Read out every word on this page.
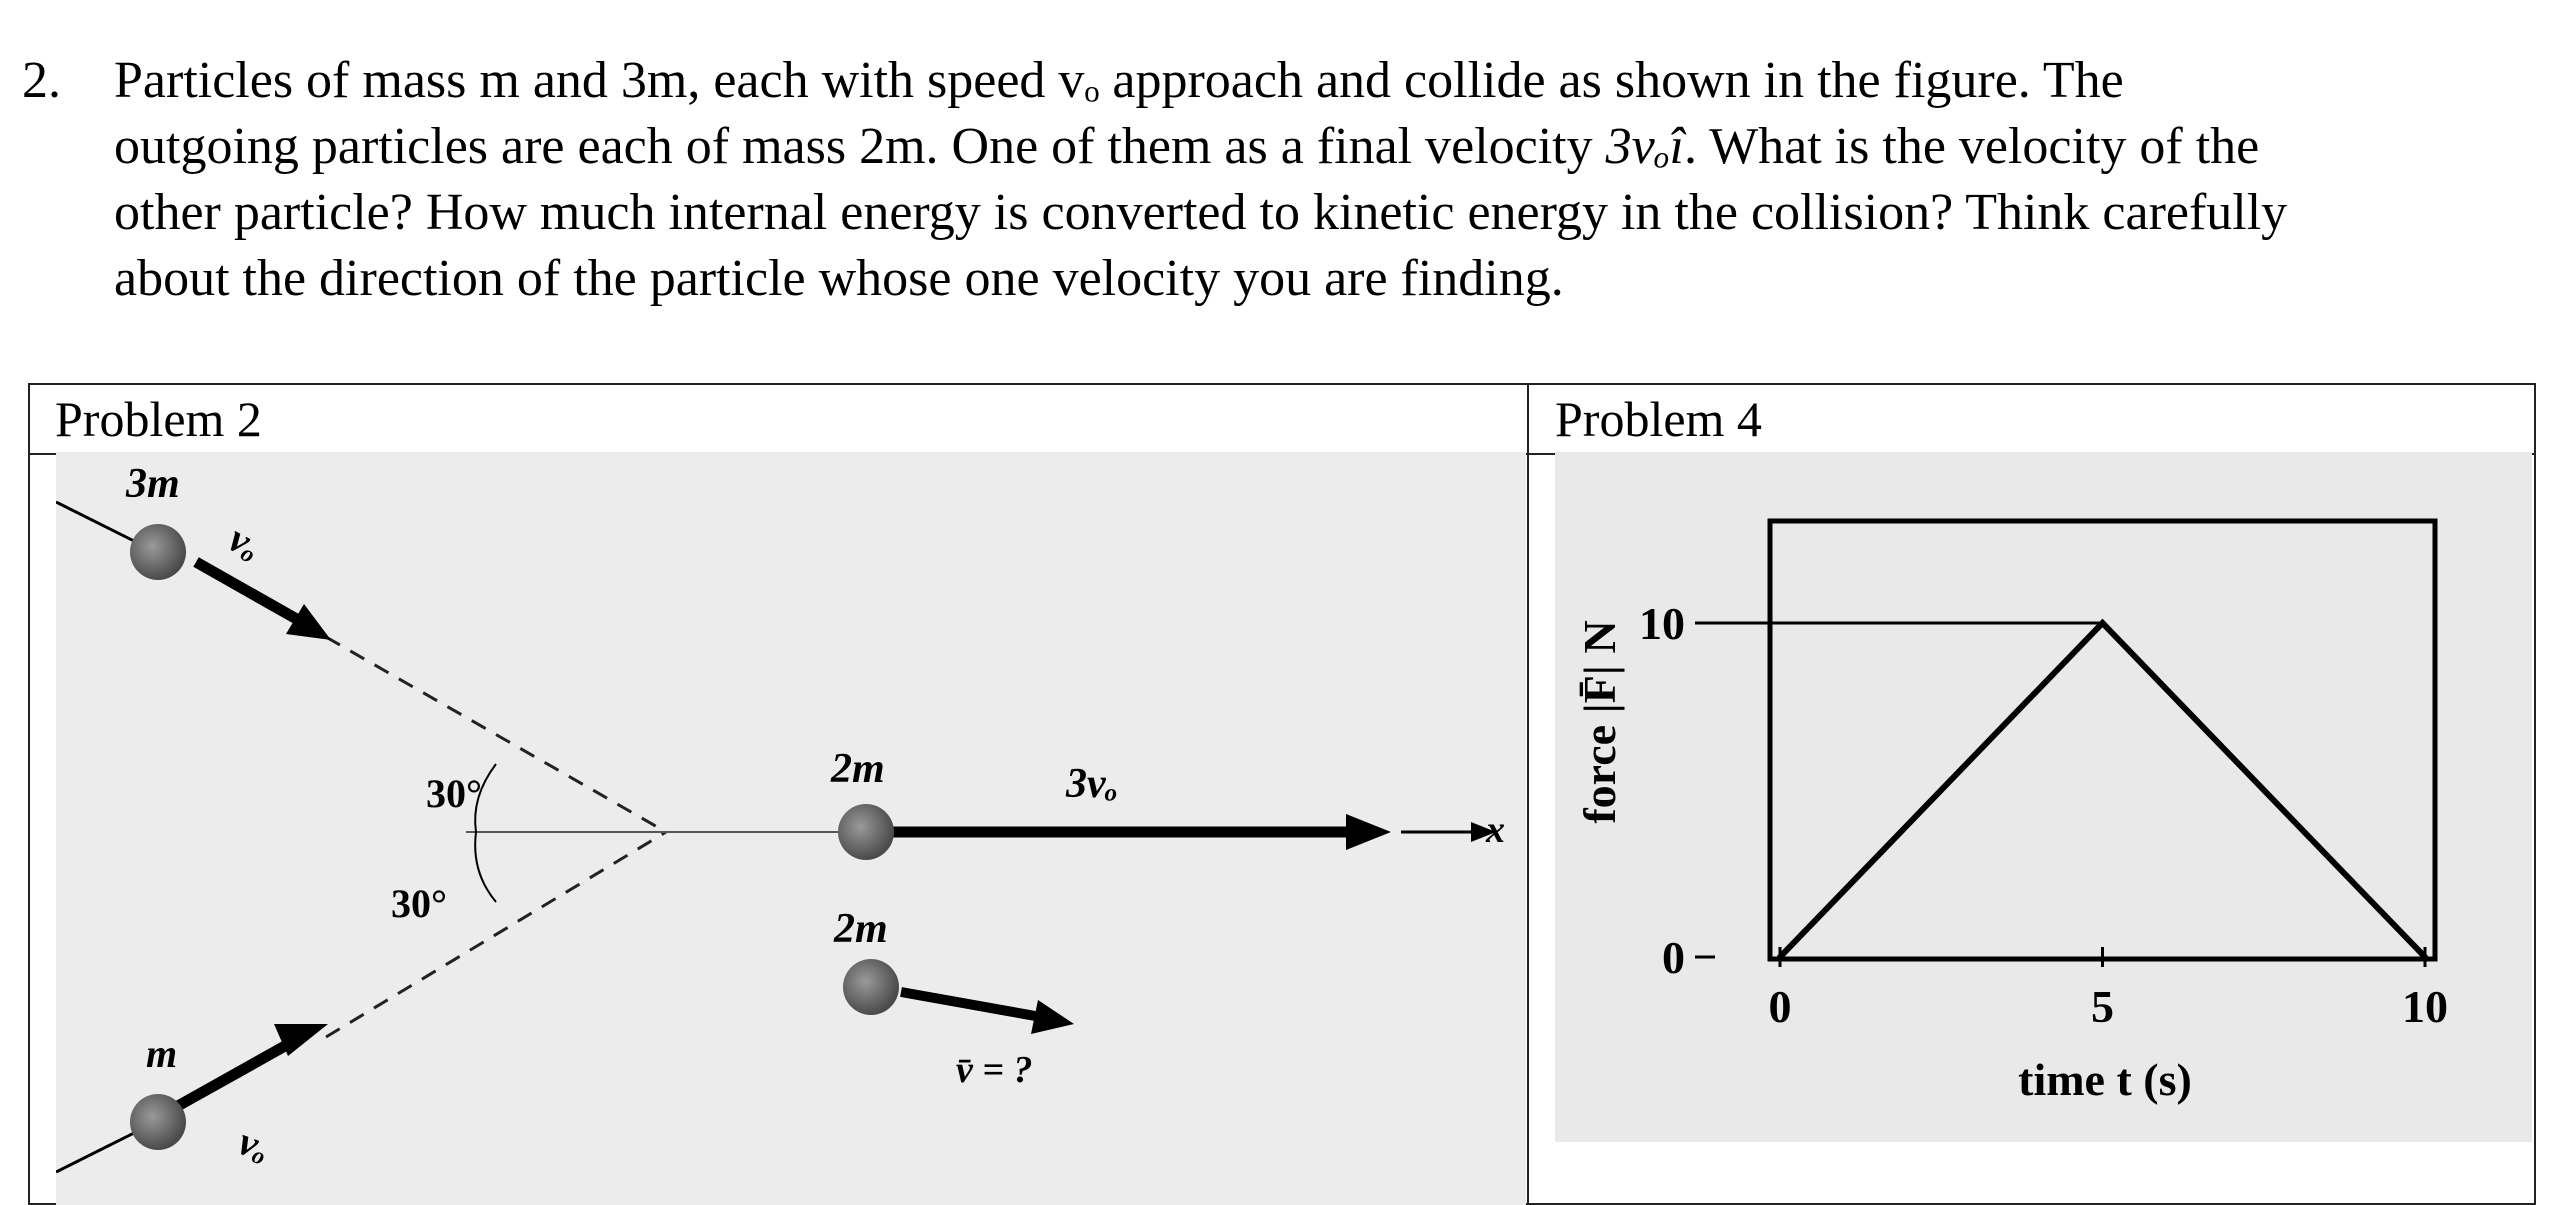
2. Particles of mass m and 3m, each with speed vₒ approach and collide as shown in the figure. The
outgoing particles are each of mass 2m. One of them as a final velocity 3vₒî. What is the velocity of the
other particle? How much internal energy is converted to kinetic energy in the collision? Think carefully
about the direction of the particle whose one velocity you are finding.
Problem 2	Problem 4
3m
vₒ
m
vₒ
30°
30°
2m	3vₒ
2m
v̄ = ?
x
0
10
0	5	10
force |F̄| N
time t (s)
